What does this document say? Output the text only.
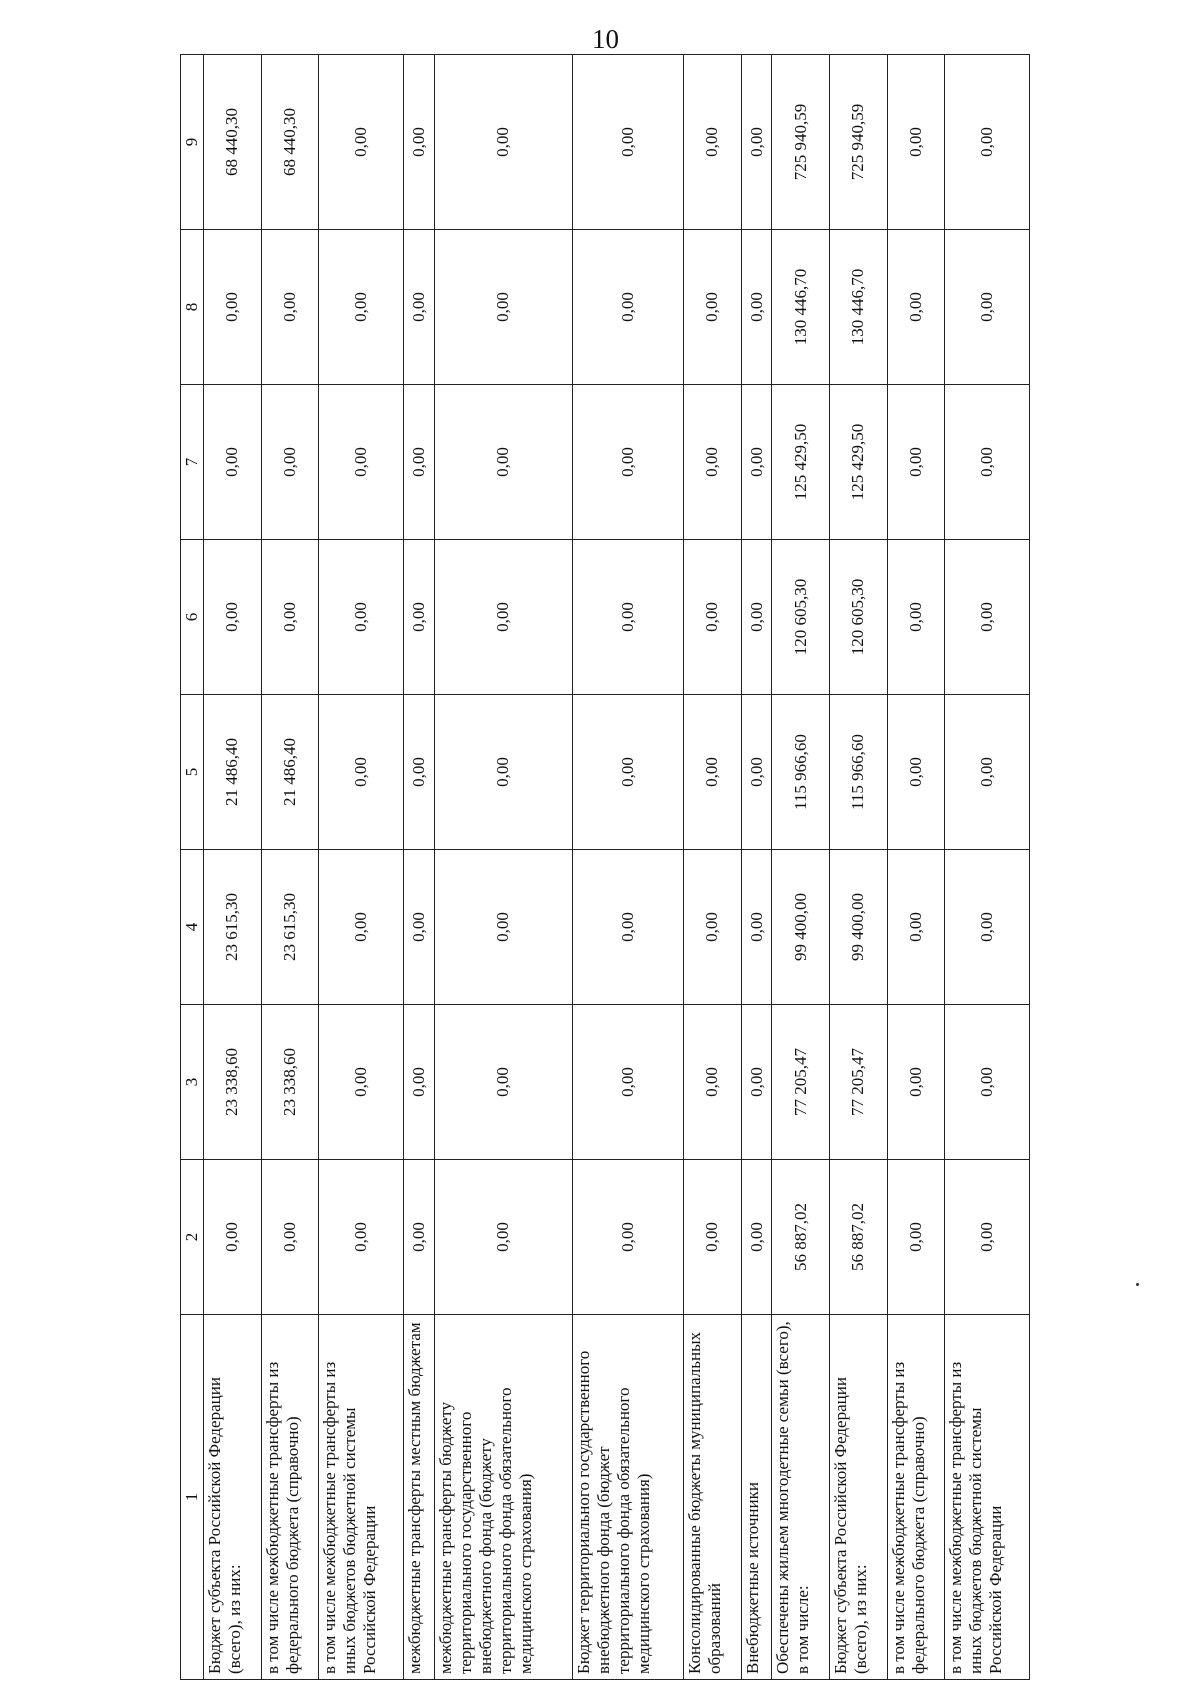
10
1	2	3	4	5	6	7	8	9
Бюджет субъекта Российской Федерации (всего), из них:	0,00	23 338,60	23 615,30	21 486,40	0,00	0,00	0,00	68 440,30
в том числе межбюджетные трансферты из федерального бюджета (справочно)	0,00	23 338,60	23 615,30	21 486,40	0,00	0,00	0,00	68 440,30
в том числе межбюджетные трансферты из иных бюджетов бюджетной системы Российской Федерации	0,00	0,00	0,00	0,00	0,00	0,00	0,00	0,00
межбюджетные трансферты местным бюджетам	0,00	0,00	0,00	0,00	0,00	0,00	0,00	0,00
межбюджетные трансферты бюджету территориального государственного внебюджетного фонда (бюджету территориального фонда обязательного медицинского страхования)	0,00	0,00	0,00	0,00	0,00	0,00	0,00	0,00
Бюджет территориального государственного внебюджетного фонда (бюджет территориального фонда обязательного медицинского страхования)	0,00	0,00	0,00	0,00	0,00	0,00	0,00	0,00
Консолидированные бюджеты муниципальных образований	0,00	0,00	0,00	0,00	0,00	0,00	0,00	0,00
Внебюджетные источники	0,00	0,00	0,00	0,00	0,00	0,00	0,00	0,00
Обеспечены жильем многодетные семьи (всего), в том числе:	56 887,02	77 205,47	99 400,00	115 966,60	120 605,30	125 429,50	130 446,70	725 940,59
Бюджет субъекта Российской Федерации (всего), из них:	56 887,02	77 205,47	99 400,00	115 966,60	120 605,30	125 429,50	130 446,70	725 940,59
в том числе межбюджетные трансферты из федерального бюджета (справочно)	0,00	0,00	0,00	0,00	0,00	0,00	0,00	0,00
в том числе межбюджетные трансферты из иных бюджетов бюджетной системы Российской Федерации	0,00	0,00	0,00	0,00	0,00	0,00	0,00	0,00
